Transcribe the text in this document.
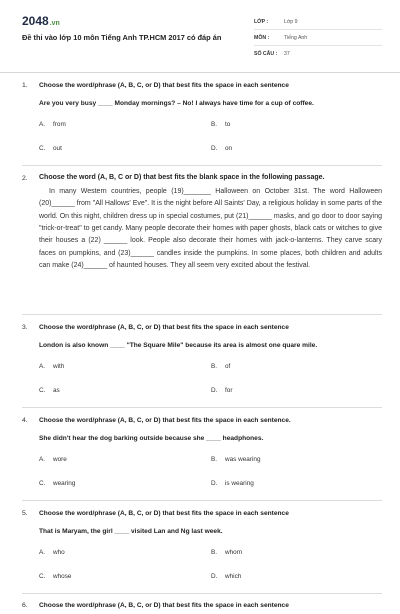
2048.vn
Đề thi vào lớp 10 môn Tiếng Anh TP.HCM 2017 có đáp án
LỚP :	Lớp 9
MÔN :	Tiếng Anh
SỐ CÂU :	37
1. Choose the word/phrase (A, B, C, or D) that best fits the space in each sentence
Are you very busy ____ Monday mornings? – No! I always have time for a cup of coffee.
A.	from	B.	to
C.	out	D.	on
2. Choose the word (A, B, C or D) that best fits the blank space in the following passage.
In many Western countries, people (19)_______ Halloween on October 31st. The word Halloween (20)______ from "All Hallows' Eve". It is the night before All Saints' Day, a religious holiday in some parts of the world. On this night, children dress up in special costumes, put (21)______ masks, and go door to door saying "trick-or-treat" to get candy. Many people decorate their homes with paper ghosts, black cats or witches to give their houses a (22) ______ look. People also decorate their homes with jack-o-lanterns. They carve scary faces on pumpkins, and (23)______ candles inside the pumpkins. In some places, both children and adults can make (24)______ of haunted houses. They all seem very excited about the festival.
3. Choose the word/phrase (A, B, C, or D) that best fits the space in each sentence
London is also known ____ "The Square Mile" because its area is almost one quare mile.
A.	with	B.	of
C.	as	D.	for
4. Choose the word/phrase (A, B, C, or D) that best fits the space in each sentence.
She didn't hear the dog barking outside because she ____ headphones.
A.	wore	B.	was wearing
C.	wearing	D.	is wearing
5. Choose the word/phrase (A, B, C, or D) that best fits the space in each sentence
That is Maryam, the girl ____ visited Lan and Ng last week.
A.	who	B.	whom
C.	whose	D.	which
6. Choose the word/phrase (A, B, C, or D) that best fits the space in each sentence
